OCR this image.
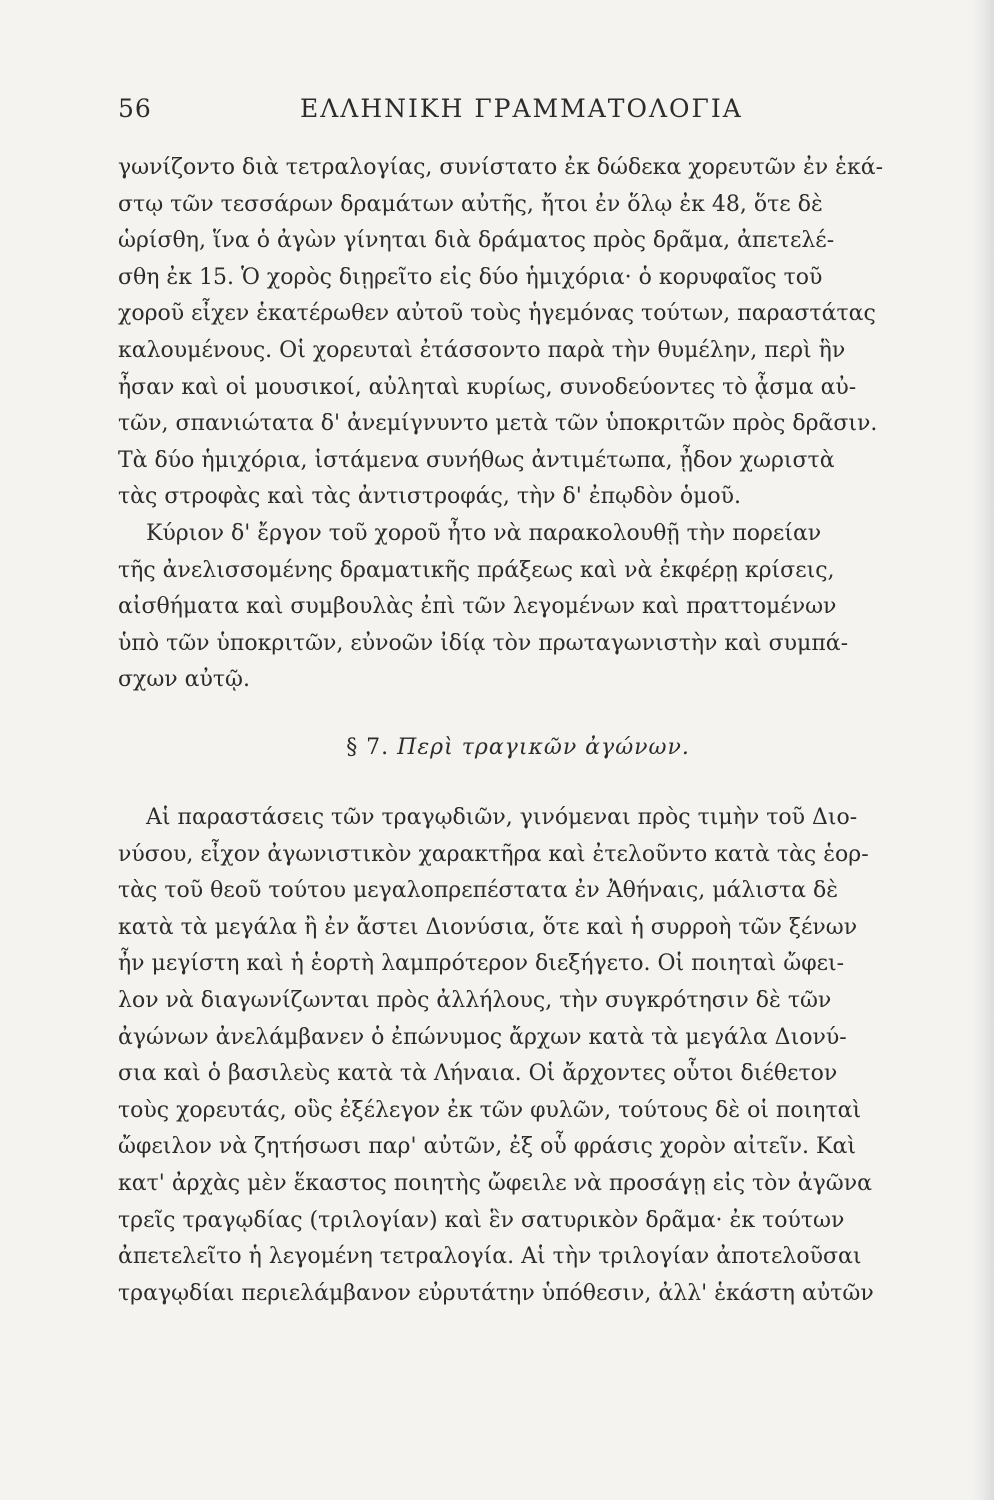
56	ΕΛΛΗΝΙΚΗ ΓΡΑΜΜΑΤΟΛΟΓΙΑ
γωνίζοντο διὰ τετραλογίας, συνίστατο ἐκ δώδεκα χορευτῶν ἐν ἑκά-
στῳ τῶν τεσσάρων δραμάτων αὐτῆς, ἤτοι ἐν ὅλῳ ἐκ 48, ὅτε δὲ
ὡρίσθη, ἵνα ὁ ἀγὼν γίνηται διὰ δράματος πρὸς δρᾶμα, ἀπετελέ-
σθη ἐκ 15. Ὁ χορὸς διῃρεῖτο εἰς δύο ἡμιχόρια· ὁ κορυφαῖος τοῦ
χοροῦ εἶχεν ἑκατέρωθεν αὐτοῦ τοὺς ἡγεμόνας τούτων, παραστάτας
καλουμένους. Οἱ χορευταὶ ἐτάσσοντο παρὰ τὴν θυμέλην, περὶ ἣν
ἦσαν καὶ οἱ μουσικοί, αὐληταὶ κυρίως, συνοδεύοντες τὸ ᾆσμα αὐ-
τῶν, σπανιώτατα δ' ἀνεμίγνυντο μετὰ τῶν ὑποκριτῶν πρὸς δρᾶσιν.
Τὰ δύο ἡμιχόρια, ἱστάμενα συνήθως ἀντιμέτωπα, ᾖδον χωριστὰ
τὰς στροφὰς καὶ τὰς ἀντιστροφάς, τὴν δ' ἐπῳδὸν ὁμοῦ.
Κύριον δ' ἔργον τοῦ χοροῦ ἦτο νὰ παρακολουθῇ τὴν πορείαν
τῆς ἀνελισσομένης δραματικῆς πράξεως καὶ νὰ ἐκφέρῃ κρίσεις,
αἰσθήματα καὶ συμβουλὰς ἐπὶ τῶν λεγομένων καὶ πραττομένων
ὑπὸ τῶν ὑποκριτῶν, εὐνοῶν ἰδίᾳ τὸν πρωταγωνιστὴν καὶ συμπά-
σχων αὐτῷ.
§ 7. Περὶ τραγικῶν ἀγώνων.
Αἱ παραστάσεις τῶν τραγῳδιῶν, γινόμεναι πρὸς τιμὴν τοῦ Διο-
νύσου, εἶχον ἀγωνιστικὸν χαρακτῆρα καὶ ἐτελοῦντο κατὰ τὰς ἑορ-
τὰς τοῦ θεοῦ τούτου μεγαλοπρεπέστατα ἐν Ἀθήναις, μάλιστα δὲ
κατὰ τὰ μεγάλα ἢ ἐν ἄστει Διονύσια, ὅτε καὶ ἡ συρροὴ τῶν ξένων
ἦν μεγίστη καὶ ἡ ἑορτὴ λαμπρότερον διεξήγετο. Οἱ ποιηταὶ ὤφει-
λον νὰ διαγωνίζωνται πρὸς ἀλλήλους, τὴν συγκρότησιν δὲ τῶν
ἀγώνων ἀνελάμβανεν ὁ ἐπώνυμος ἄρχων κατὰ τὰ μεγάλα Διονύ-
σια καὶ ὁ βασιλεὺς κατὰ τὰ Λήναια. Οἱ ἄρχοντες οὗτοι διέθετον
τοὺς χορευτάς, οὓς ἐξέλεγον ἐκ τῶν φυλῶν, τούτους δὲ οἱ ποιηταὶ
ὤφειλον νὰ ζητήσωσι παρ' αὐτῶν, ἐξ οὗ φράσις χορὸν αἰτεῖν. Καὶ
κατ' ἀρχὰς μὲν ἕκαστος ποιητὴς ὤφειλε νὰ προσάγῃ εἰς τὸν ἀγῶνα
τρεῖς τραγῳδίας (τριλογίαν) καὶ ἓν σατυρικὸν δρᾶμα· ἐκ τούτων
ἀπετελεῖτο ἡ λεγομένη τετραλογία. Αἱ τὴν τριλογίαν ἀποτελοῦσαι
τραγῳδίαι περιελάμβανον εὐρυτάτην ὑπόθεσιν, ἀλλ' ἑκάστη αὐτῶν
